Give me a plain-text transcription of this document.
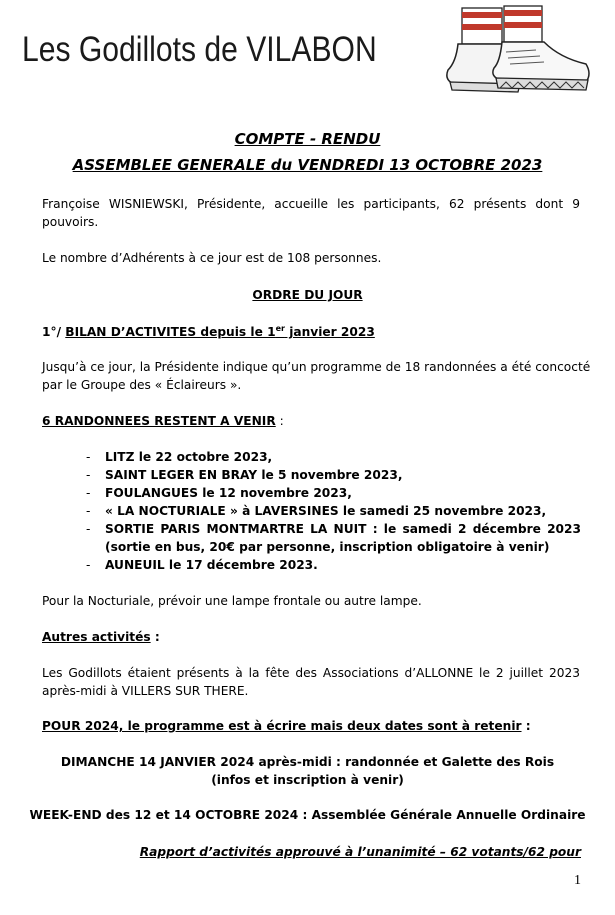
Les Godillots de VILABON
COMPTE - RENDU
ASSEMBLEE GENERALE du VENDREDI 13 OCTOBRE 2023
Françoise WISNIEWSKI, Présidente, accueille les participants, 62 présents dont 9
pouvoirs.
Le nombre d’Adhérents à ce jour est de 108 personnes.
ORDRE DU JOUR
1°/ BILAN D’ACTIVITES depuis le 1er janvier 2023
Jusqu’à ce jour, la Présidente indique qu’un programme de 18 randonnées a été concocté
par le Groupe des « Éclaireurs ».
6 RANDONNEES RESTENT A VENIR :
- LITZ le 22 octobre 2023,
- SAINT LEGER EN BRAY le 5 novembre 2023,
- FOULANGUES le 12 novembre 2023,
- « LA NOCTURIALE » à LAVERSINES le samedi 25 novembre 2023,
- SORTIE PARIS MONTMARTRE LA NUIT : le samedi 2 décembre 2023
(sortie en bus, 20€ par personne, inscription obligatoire à venir)
- AUNEUIL le 17 décembre 2023.
Pour la Nocturiale, prévoir une lampe frontale ou autre lampe.
Autres activités :
Les Godillots étaient présents à la fête des Associations d’ALLONNE le 2 juillet 2023
après-midi à VILLERS SUR THERE.
POUR 2024, le programme est à écrire mais deux dates sont à retenir :
DIMANCHE 14 JANVIER 2024 après-midi : randonnée et Galette des Rois
(infos et inscription à venir)
WEEK-END des 12 et 14 OCTOBRE 2024 : Assemblée Générale Annuelle Ordinaire
Rapport d’activités approuvé à l’unanimité – 62 votants/62 pour
1
